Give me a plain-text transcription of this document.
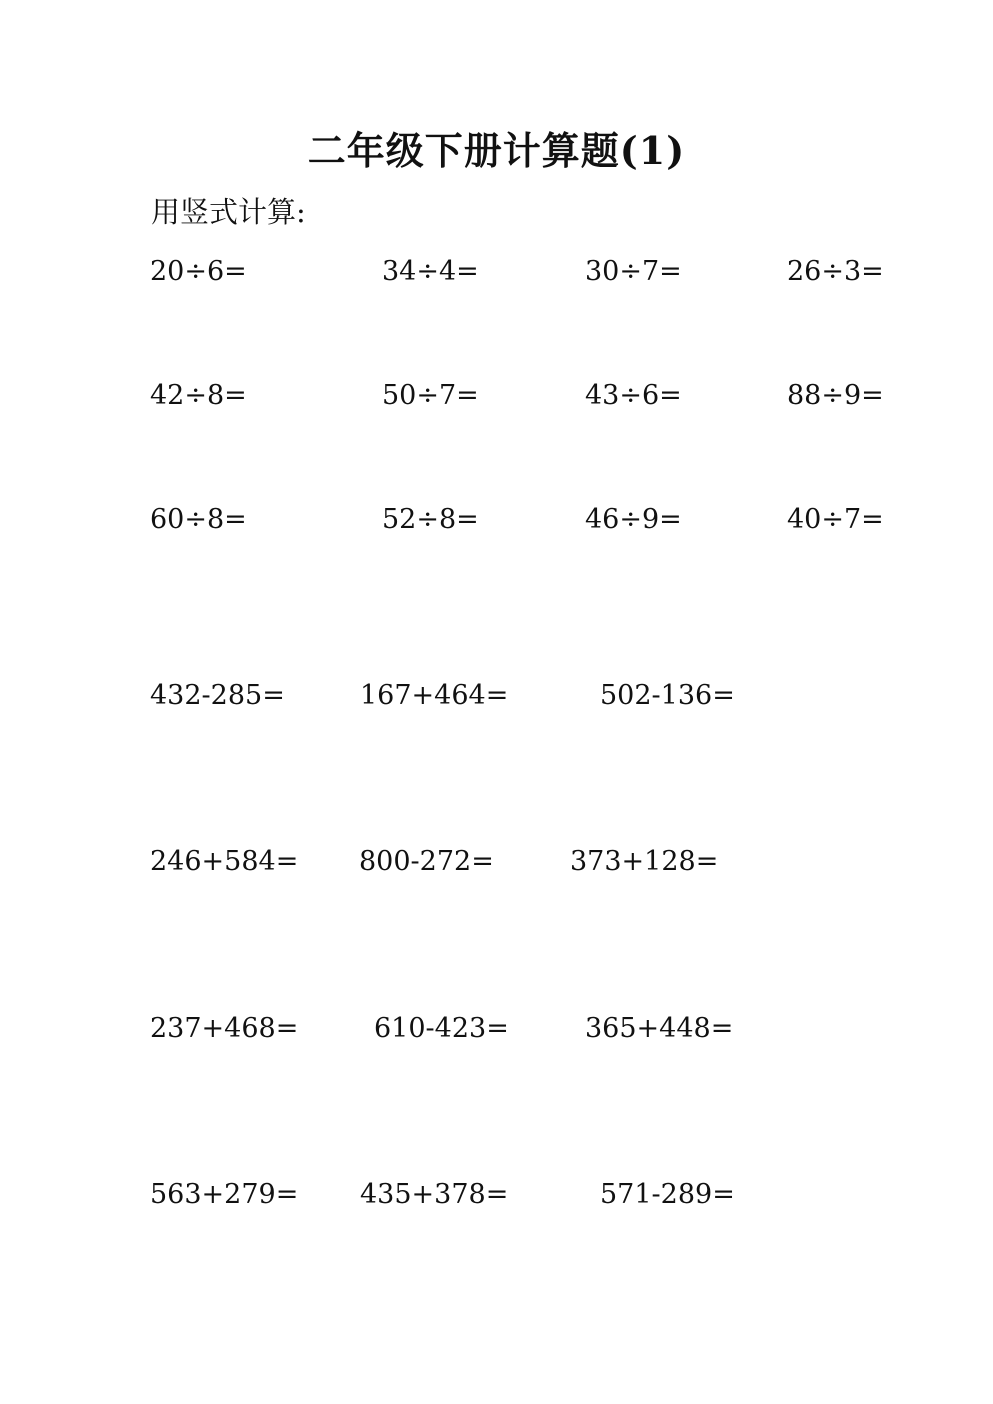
二年级下册计算题(1)
用竖式计算:
20÷6=	34÷4=	30÷7=	26÷3=
42÷8=	50÷7=	43÷6=	88÷9=
60÷8=	52÷8=	46÷9=	40÷7=
432-285=	167+464=	502-136=
246+584= 800-272=	373+128=
237+468=	610-423=	365+448=
563+279= 435+378=	571-289=
